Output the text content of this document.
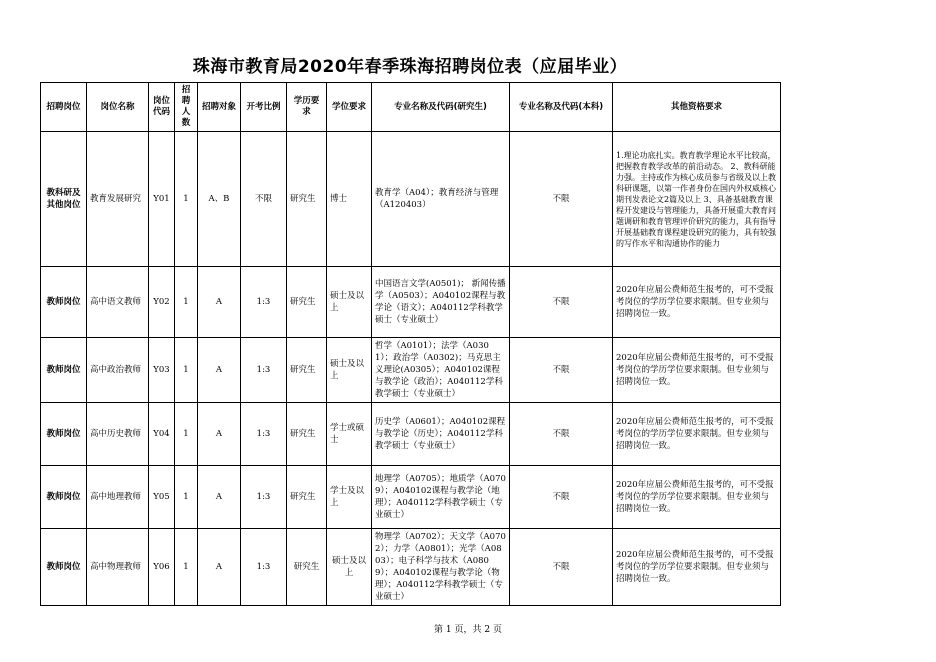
珠海市教育局2020年春季珠海招聘岗位表（应届毕业）
招聘岗位	岗位名称	岗位代码	招聘人数	招聘对象	开考比例	学历要求	学位要求	专业名称及代码(研究生)	专业名称及代码(本科)	其他资格要求
教科研及其他岗位	教育发展研究	Y01	1	A、B	不限	研究生	博士	教育学（A04）；教育经济与管理（A120403）	不限	1.理论功底扎实。教育教学理论水平比较高，把握教育教学改革的前沿动态。 2、教科研能力强。主持或作为核心成员参与省级及以上教科研课题，以第一作者身份在国内外权威核心期刊发表论文2篇及以上 3、具备基础教育课程开发建设与管理能力，具备开展重大教育问题调研和教育管理评价研究的能力，具有指导开展基础教育课程建设研究的能力，具有较强的写作水平和沟通协作的能力
教师岗位	高中语文教师	Y02	1	A	1:3	研究生	硕士及以上	中国语言文学(A0501)； 新闻传播学（A0503）；A040102课程与教学论（语文）；A040112学科教学硕士（专业硕士）	不限	2020年应届公费师范生报考的，可不受报考岗位的学历学位要求限制。但专业须与招聘岗位一致。
教师岗位	高中政治教师	Y03	1	A	1:3	研究生	硕士及以上	哲学（A0101）；法学（A0301）；政治学（A0302)；马克思主义理论(A0305）；A040102课程与教学论（政治）；A040112学科教学硕士（专业硕士）	不限	2020年应届公费师范生报考的，可不受报考岗位的学历学位要求限制。但专业须与招聘岗位一致。
教师岗位	高中历史教师	Y04	1	A	1:3	研究生	学士或硕士	历史学（A0601）；A040102课程与教学论（历史）；A040112学科教学硕士（专业硕士）	不限	2020年应届公费师范生报考的，可不受报考岗位的学历学位要求限制。但专业须与招聘岗位一致。
教师岗位	高中地理教师	Y05	1	A	1:3	研究生	学士及以上	地理学（A0705）；地质学（A0709）；A040102课程与教学论（地理）；A040112学科教学硕士（专业硕士）	不限	2020年应届公费师范生报考的，可不受报考岗位的学历学位要求限制。但专业须与招聘岗位一致。
教师岗位	高中物理教师	Y06	1	A	1:3	研究生	硕士及以上	物理学（A0702）；天文学（A0702）；力学（A0801）；光学（A0803）；电子科学与技术（A0809）；A040102课程与教学论（物理）；A040112学科教学硕士（专业硕士）	不限	2020年应届公费师范生报考的，可不受报考岗位的学历学位要求限制。但专业须与招聘岗位一致。
第 1 页，共 2 页
